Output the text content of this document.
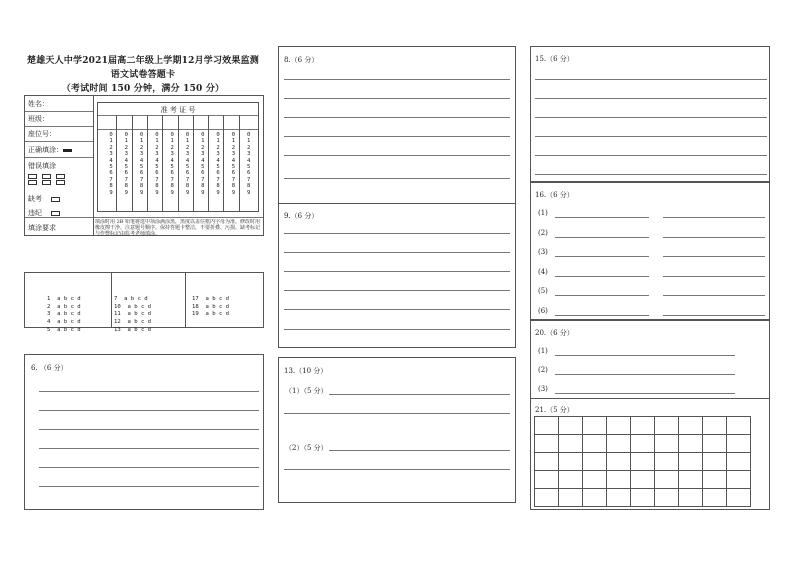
楚雄天人中学2021届高二年级上学期12月学习效果监测
语文试卷答题卡
（考试时间 150 分钟，满分 150 分）
姓名：
班级：
座位号：
正确填涂：
错误填涂

缺考
违纪
填涂要求
填涂时用 2B 铅笔将选中项涂满涂黑，黑度以盖住框内字母为准。修改时用橡皮擦干净。注意题号顺序。保持答题卡整洁，不要折叠、污损。缺考标记与作弊标记由监考老师填涂。
准 考 证 号
0
1
2
3
4
5
6
7
8
9
0
1
2
3
4
5
6
7
8
9
0
1
2
3
4
5
6
7
8
9
0
1
2
3
4
5
6
7
8
9
0
1
2
3
4
5
6
7
8
9
0
1
2
3
4
5
6
7
8
9
0
1
2
3
4
5
6
7
8
9
0
1
2
3
4
5
6
7
8
9
0
1
2
3
4
5
6
7
8
9
0
1
2
3
4
5
6
7
8
9

1  a b c d
2  a b c d
3  a b c d
4  a b c d
5  a b c d

7  a b c d
10  a b c d
11  a b c d
12  a b c d
13  a b c d

17  a b c d
18  a b c d
19  a b c d

6. （6 分）
8.（6 分）
9.（6 分）
13.（10 分）
（1）（5 分）
（2）（5 分）
15.（6 分）
16.（6 分）
(1)
(2)
(3)
(4)
(5)
(6)
20.（6 分）
(1)
(2)
(3)
21.（5 分）
